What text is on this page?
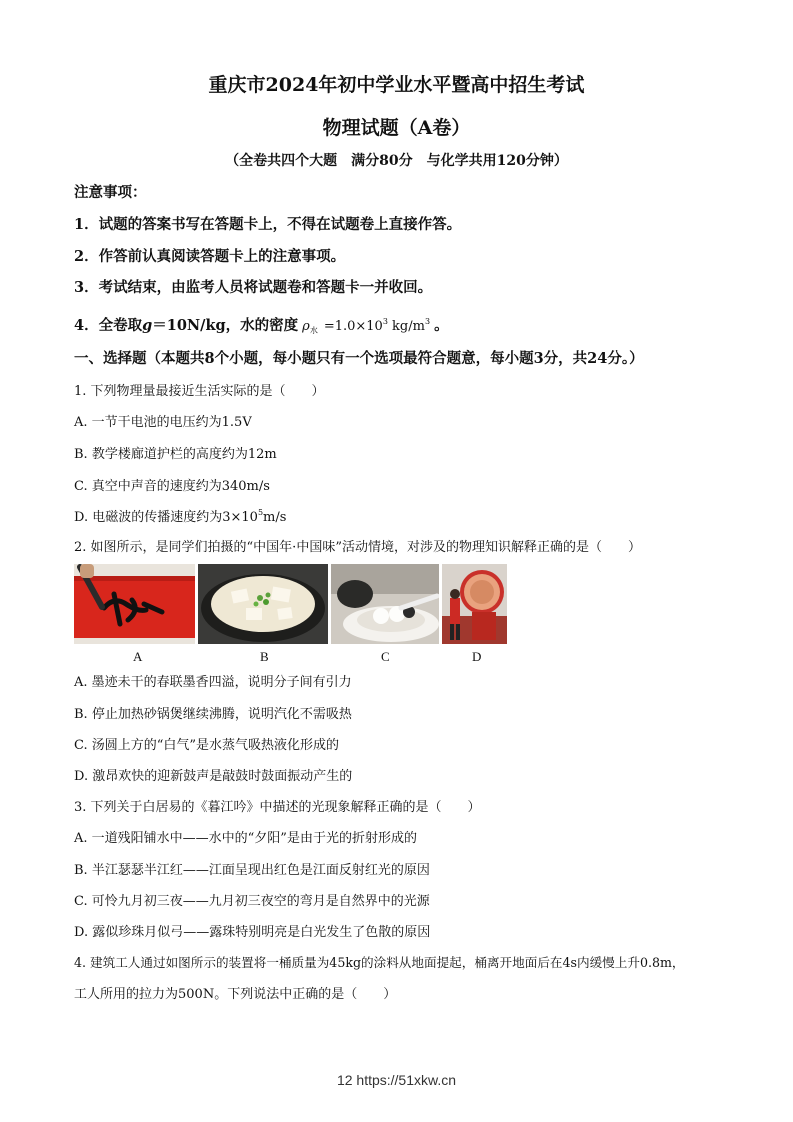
重庆市2024年初中学业水平暨高中招生考试
物理试题（A卷）
（全卷共四个大题　满分80分　与化学共用120分钟）
注意事项：
1．试题的答案书写在答题卡上，不得在试题卷上直接作答。
2．作答前认真阅读答题卡上的注意事项。
3．考试结束，由监考人员将试题卷和答题卡一并收回。
4．全卷取g＝10N/kg，水的密度 $\rho_水 =1.0\times 10^3$ $kg/m^3$ 。
一、选择题（本题共8个小题，每小题只有一个选项最符合题意，每小题3分，共24分。）
1. 下列物理量最接近生活实际的是（　　）
A. 一节干电池的电压约为1.5V
B. 教学楼廊道护栏的高度约为12m
C. 真空中声音的速度约为340m/s
D. 电磁波的传播速度约为$3\times 10^5m/s$
2. 如图所示，是同学们拍摄的“中国年·中国味”活动情境，对涉及的物理知识解释正确的是（　　）
A	B	C	D
A. 墨迹未干的春联墨香四溢，说明分子间有引力
B. 停止加热砂锅煲继续沸腾，说明汽化不需吸热
C. 汤圆上方的“白气”是水蒸气吸热液化形成的
D. 激昂欢快的迎新鼓声是敲鼓时鼓面振动产生的
3. 下列关于白居易的《暮江吟》中描述的光现象解释正确的是（　　）
A. 一道残阳铺水中——水中的“夕阳”是由于光的折射形成的
B. 半江瑟瑟半江红——江面呈现出红色是江面反射红光的原因
C. 可怜九月初三夜——九月初三夜空的弯月是自然界中的光源
D. 露似珍珠月似弓——露珠特别明亮是白光发生了色散的原因
4. 建筑工人通过如图所示的装置将一桶质量为45kg的涂料从地面提起，桶离开地面后在4s内缓慢上升0.8m，
工人所用的拉力为500N。下列说法中正确的是（　　）
12 https://51xkw.cn
